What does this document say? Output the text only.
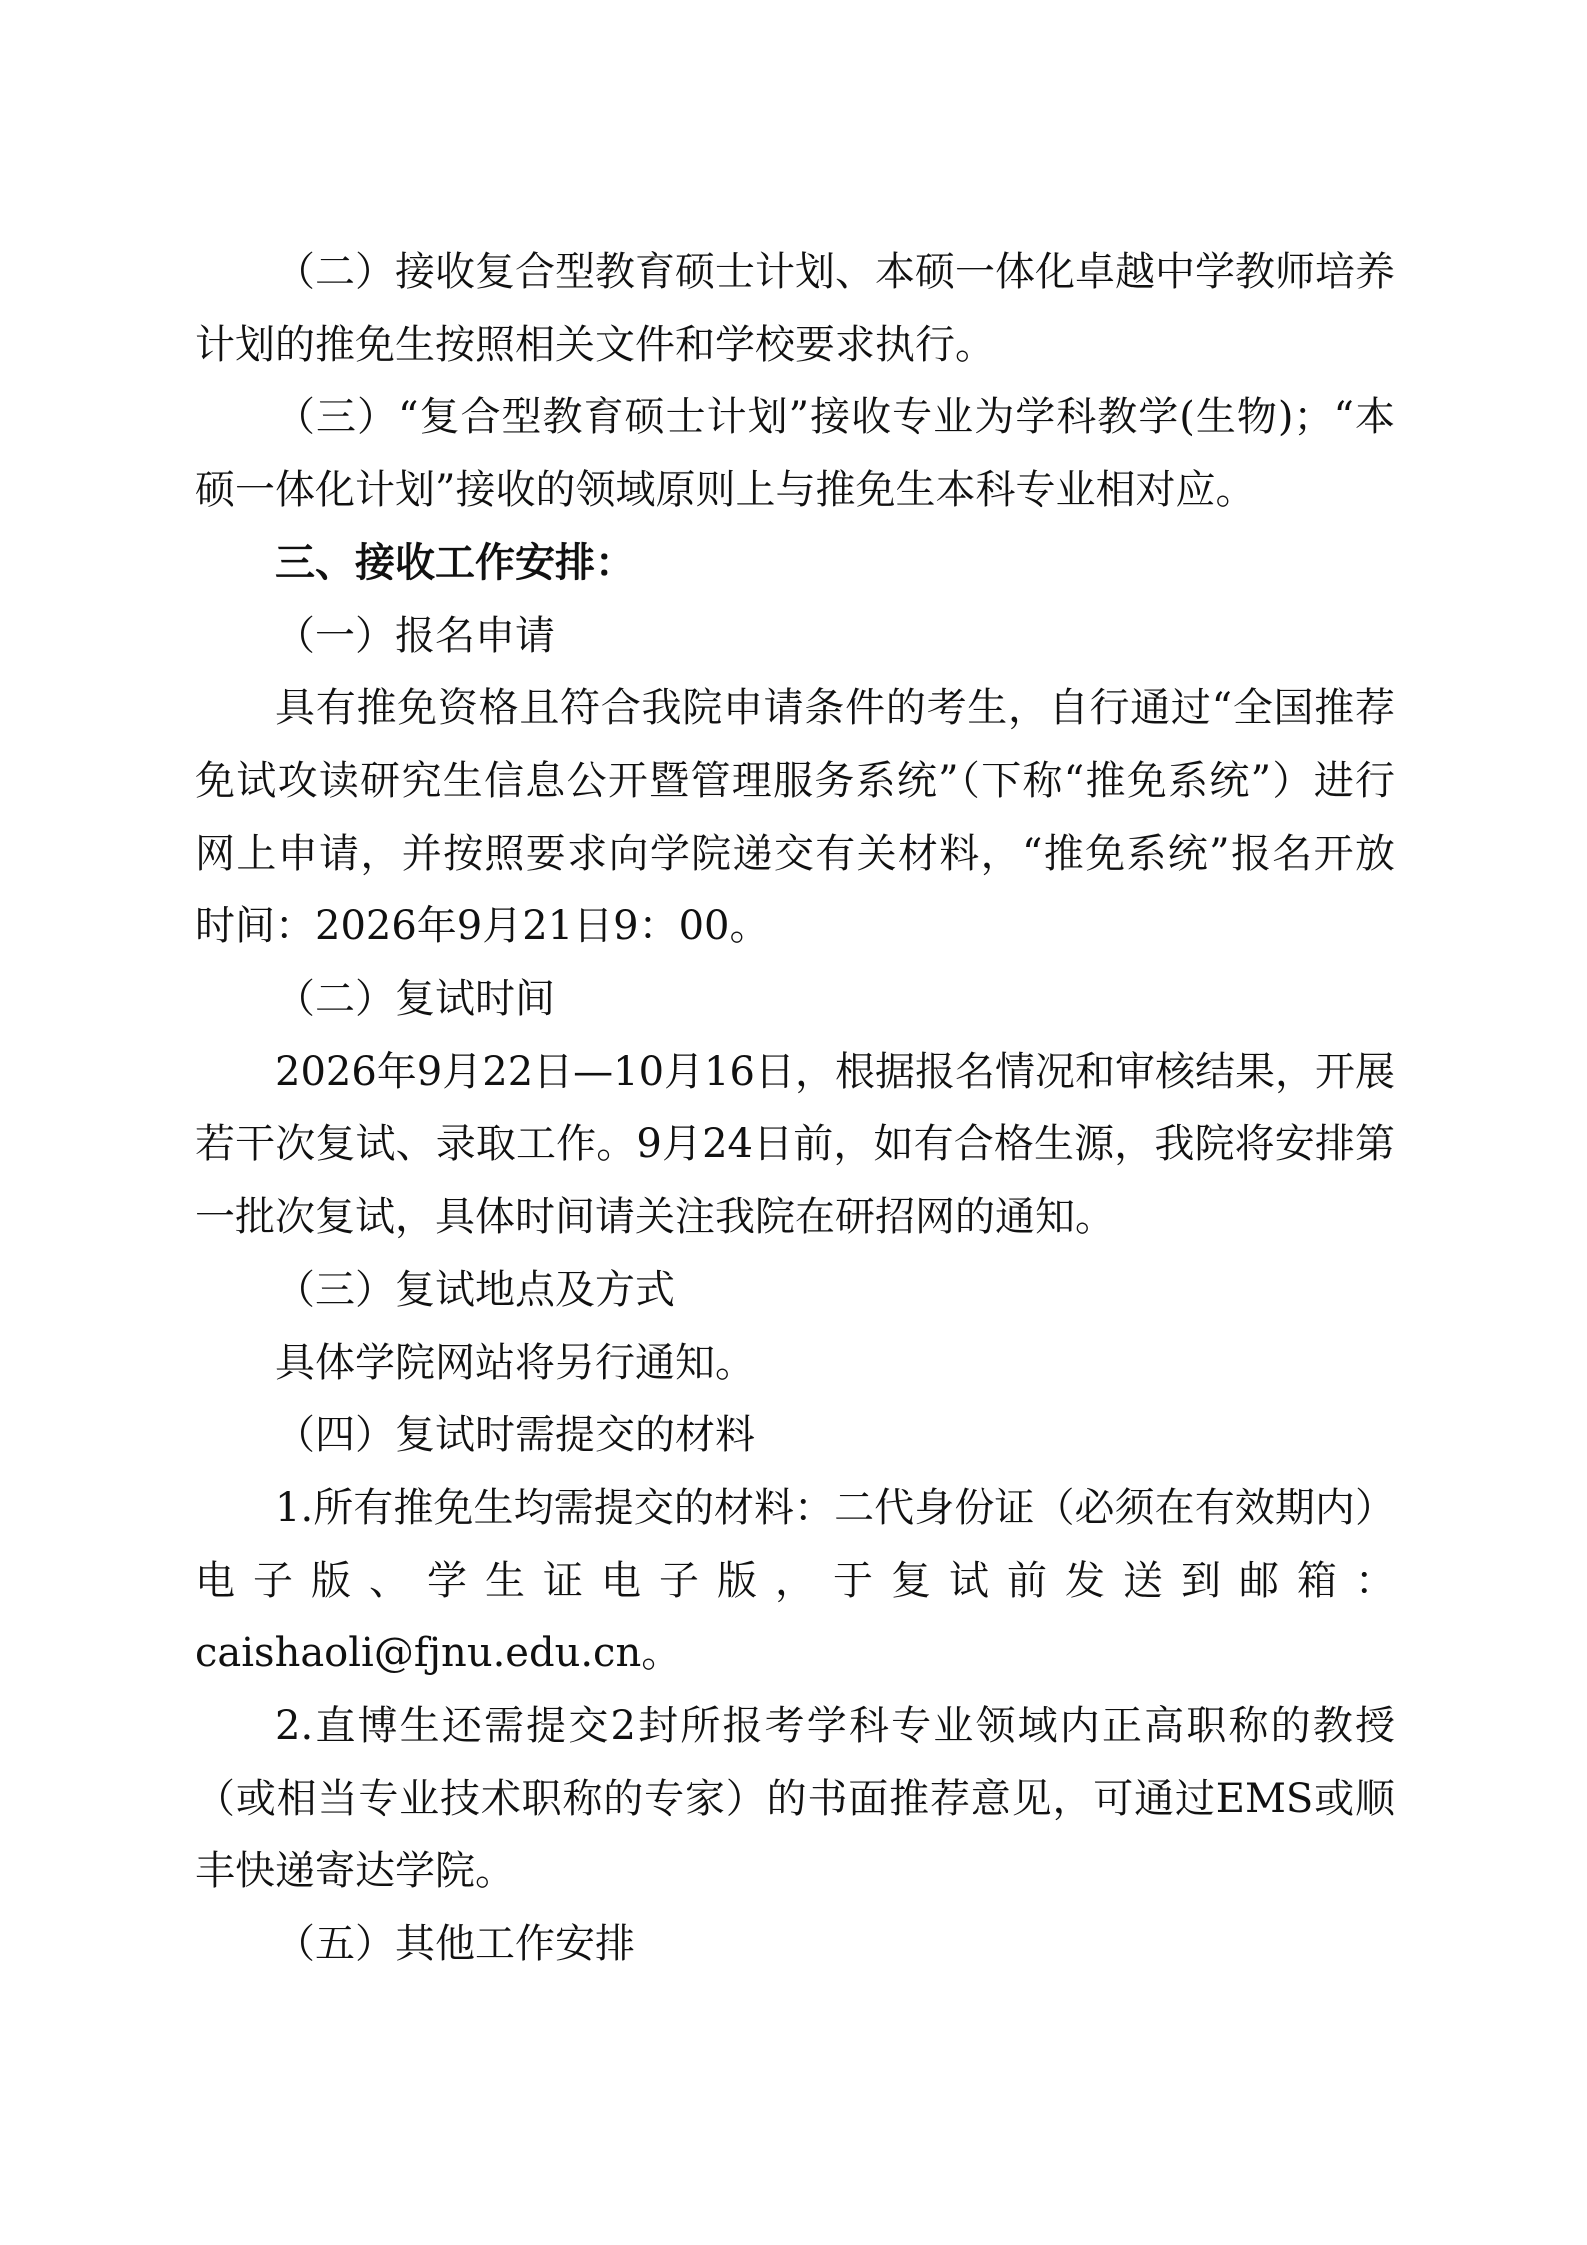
（二）接收复合型教育硕士计划、本硕一体化卓越中学教师培养计划的推免生按照相关文件和学校要求执行。

（三）“复合型教育硕士计划”接收专业为学科教学(生物)；“本硕一体化计划”接收的领域原则上与推免生本科专业相对应。

三、接收工作安排：

（一）报名申请

具有推免资格且符合我院申请条件的考生，自行通过“全国推荐免试攻读研究生信息公开暨管理服务系统”（下称“推免系统”）进行网上申请，并按照要求向学院递交有关材料，“推免系统”报名开放时间：2026年9月21日9：00。

（二）复试时间

2026年9月22日—10月16日，根据报名情况和审核结果，开展若干次复试、录取工作。9月24日前，如有合格生源，我院将安排第一批次复试，具体时间请关注我院在研招网的通知。

（三）复试地点及方式

具体学院网站将另行通知。

（四）复试时需提交的材料

1.所有推免生均需提交的材料：二代身份证（必须在有效期内）电子版、学生证电子版，于复试前发送到邮箱：

caishaoli@fjnu.edu.cn。

2.直博生还需提交2封所报考学科专业领域内正高职称的教授（或相当专业技术职称的专家）的书面推荐意见，可通过EMS或顺丰快递寄达学院。

（五）其他工作安排
